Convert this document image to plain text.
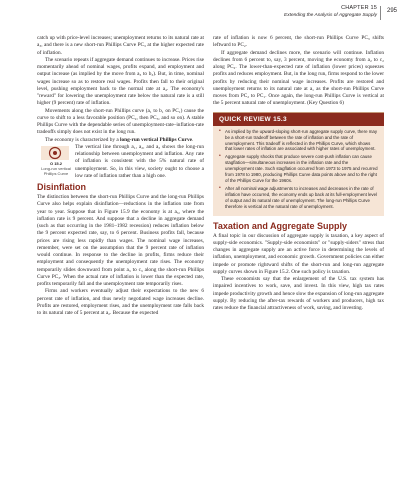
CHAPTER 15
Extending the Analysis of Aggregate Supply
295

catch up with price-level increases; unemployment returns to its natural rate at a₃, and there is a new short-run Phillips Curve PC₃ at the higher expected rate of inflation.

The scenario repeats if aggregate demand continues to increase. Prices rise momentarily ahead of nominal wages, profits expand, and employment and output increase (as implied by the move from a₃ to b₃). But, in time, nominal wages increase so as to restore real wages. Profits then fall to their original level, pushing employment back to the normal rate at a₄. The economy's "reward" for lowering the unemployment rate below the natural rate is a still higher (9 percent) rate of inflation.

Movements along the short-run Phillips curve (a₁ to b₁ on PC₁) cause the curve to shift to a less favorable position (PC₂, then PC₃, and so on). A stable Phillips Curve with the dependable series of unemployment-rate–inflation-rate tradeoffs simply does not exist in the long run.

The economy is characterized by a long-run vertical Phillips Curve.

O 15.2
Long-run vertical Phillips Curve

The vertical line through a₁, a₂, and a₃ shows the long-run relationship between unemployment and inflation. Any rate of inflation is consistent with the 5% natural rate of unemployment. So, in this view, society ought to choose a low rate of inflation rather than a high one.

Disinflation

The distinction between the short-run Phillips Curve and the long-run Phillips Curve also helps explain disinflation—reductions in the inflation rate from year to year. Suppose that in Figure 15.9 the economy is at a₃, where the inflation rate is 9 percent. And suppose that a decline in aggregate demand (such as that occurring in the 1981–1982 recession) reduces inflation below the 9 percent expected rate, say, to 6 percent. Business profits fall, because prices are rising less rapidly than wages. The nominal wage increases, remember, were set on the assumption that the 9 percent rate of inflation would continue. In response to the decline in profits, firms reduce their employment and consequently the unemployment rate rises. The economy temporarily slides downward from point a₃ to c₃ along the short-run Phillips Curve PC₃. When the actual rate of inflation is lower than the expected rate, profits temporarily fall and the unemployment rate temporarily rises.

Firms and workers eventually adjust their expectations to the new 6 percent rate of inflation, and thus newly negotiated wage increases decline. Profits are restored, employment rises, and the unemployment rate falls back to its natural rate of 5 percent at a₂. Because the expected

rate of inflation is now 6 percent, the short-run Phillips Curve PC₃ shifts leftward to PC₂.

If aggregate demand declines more, the scenario will continue. Inflation declines from 6 percent to, say, 3 percent, moving the economy from a₂ to c₂ along PC₂. The lower-than-expected rate of inflation (lower prices) squeezes profits and reduces employment. But, in the long run, firms respond to the lower profits by reducing their nominal wage increases. Profits are restored and unemployment returns to its natural rate at a₁ as the short-run Phillips Curve moves from PC₂ to PC₁. Once again, the long-run Phillips Curve is vertical at the 5 percent natural rate of unemployment. (Key Question 6)

QUICK REVIEW 15.3
• As implied by the upward-sloping short-run aggregate supply curve, there may be a short-run tradeoff between the rate of inflation and the rate of unemployment. This tradeoff is reflected in the Phillips Curve, which shows that lower rates of inflation are associated with higher rates of unemployment.
• Aggregate supply shocks that produce severe cost-push inflation can cause stagflation—simultaneous increases in the inflation rate and the unemployment rate. Such stagflation occurred from 1973 to 1975 and recurred from 1978 to 1980, producing Phillips Curve data points above and to the right of the Phillips Curve for the 1960s.
• After all nominal wage adjustments to increases and decreases in the rate of inflation have occurred, the economy ends up back at its full-employment level of output and its natural rate of unemployment. The long-run Phillips Curve therefore is vertical at the natural rate of unemployment.
Taxation and Aggregate Supply

A final topic in our discussion of aggregate supply is taxation, a key aspect of supply-side economics. "Supply-side economists" or "supply-siders" stress that changes in aggregate supply are an active force in determining the levels of inflation, unemployment, and economic growth. Government policies can either impede or promote rightward shifts of the short-run and long-run aggregate supply curves shown in Figure 15.2. One such policy is taxation.

These economists say that the enlargement of the U.S. tax system has impaired incentives to work, save, and invest. In this view, high tax rates impede productivity growth and hence slow the expansion of long-run aggregate supply. By reducing the after-tax rewards of workers and producers, high tax rates reduce the financial attractiveness of work, saving, and investing.
